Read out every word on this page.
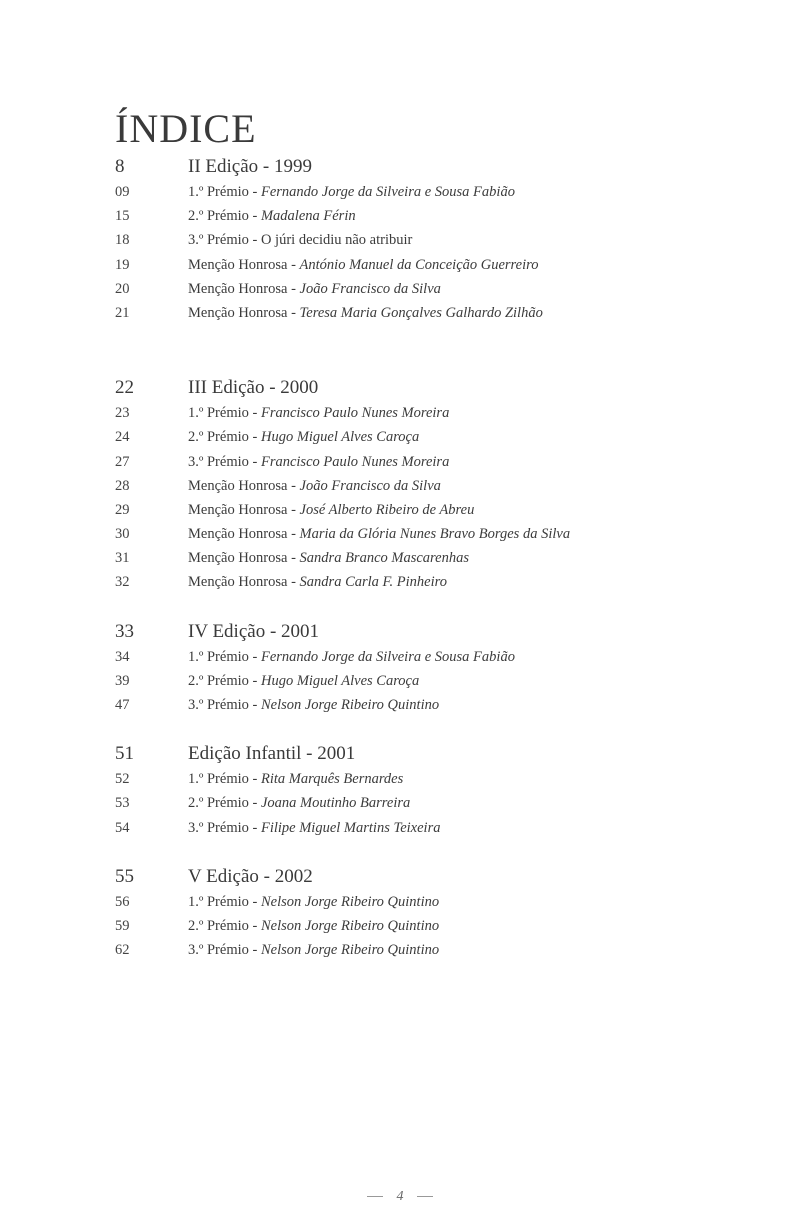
ÍNDICE
8	II Edição - 1999
09	1.º Prémio - Fernando Jorge da Silveira e Sousa Fabião
15	2.º Prémio - Madalena Férin
18	3.º Prémio - O júri decidiu não atribuir
19	Menção Honrosa - António Manuel da Conceição Guerreiro
20	Menção Honrosa - João Francisco da Silva
21	Menção Honrosa - Teresa Maria Gonçalves Galhardo Zilhão
22	III Edição - 2000
23	1.º Prémio - Francisco Paulo Nunes Moreira
24	2.º Prémio - Hugo Miguel Alves Caroça
27	3.º Prémio - Francisco Paulo Nunes Moreira
28	Menção Honrosa - João Francisco da Silva
29	Menção Honrosa - José Alberto Ribeiro de Abreu
30	Menção Honrosa - Maria da Glória Nunes Bravo Borges da Silva
31	Menção Honrosa - Sandra Branco Mascarenhas
32	Menção Honrosa - Sandra Carla F. Pinheiro
33	IV Edição - 2001
34	1.º Prémio - Fernando Jorge da Silveira e Sousa Fabião
39	2.º Prémio - Hugo Miguel Alves Caroça
47	3.º Prémio - Nelson Jorge Ribeiro Quintino
51	Edição Infantil - 2001
52	1.º Prémio - Rita Marquês Bernardes
53	2.º Prémio - Joana Moutinho Barreira
54	3.º Prémio - Filipe Miguel Martins Teixeira
55	V Edição - 2002
56	1.º Prémio - Nelson Jorge Ribeiro Quintino
59	2.º Prémio - Nelson Jorge Ribeiro Quintino
62	3.º Prémio - Nelson Jorge Ribeiro Quintino
4
